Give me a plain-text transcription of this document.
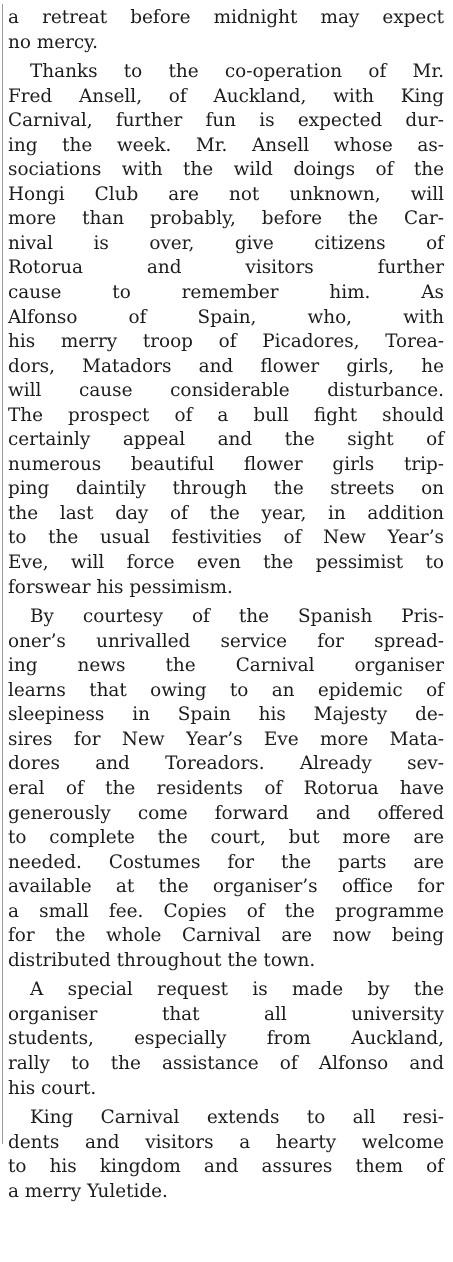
a retreat before midnight may expect
no mercy.

Thanks to the co-operation of Mr.
Fred Ansell, of Auckland, with King
Carnival, further fun is expected dur-
ing the week. Mr. Ansell whose as-
sociations with the wild doings of the
Hongi Club are not unknown, will
more than probably, before the Car-
nival is over, give citizens of
Rotorua and visitors further
cause to remember him. As
Alfonso of Spain, who, with
his merry troop of Picadores, Torea-
dors, Matadors and flower girls, he
will cause considerable disturbance.
The prospect of a bull fight should
certainly appeal and the sight of
numerous beautiful flower girls trip-
ping daintily through the streets on
the last day of the year, in addition
to the usual festivities of New Year’s
Eve, will force even the pessimist to
forswear his pessimism.

By courtesy of the Spanish Pris-
oner’s unrivalled service for spread-
ing news the Carnival organiser
learns that owing to an epidemic of
sleepiness in Spain his Majesty de-
sires for New Year’s Eve more Mata-
dores and Toreadors. Already sev-
eral of the residents of Rotorua have
generously come forward and offered
to complete the court, but more are
needed. Costumes for the parts are
available at the organiser’s office for
a small fee. Copies of the programme
for the whole Carnival are now being
distributed throughout the town.

A special request is made by the
organiser that all university
students, especially from Auckland,
rally to the assistance of Alfonso and
his court.

King Carnival extends to all resi-
dents and visitors a hearty welcome
to his kingdom and assures them of
a merry Yuletide.
